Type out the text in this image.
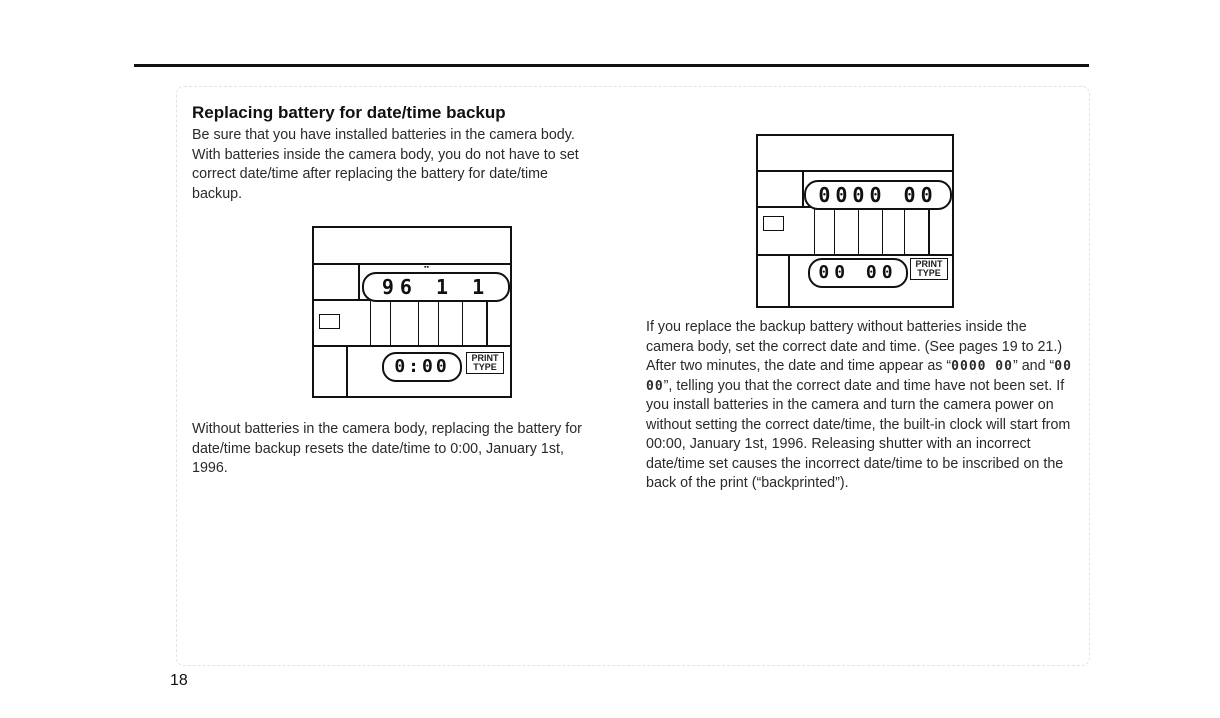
Replacing battery for date/time backup

Be sure that you have installed batteries in the camera body. With batteries inside the camera body, you do not have to set correct date/time after replacing the battery for date/time backup.

▪▪
96 1 1
0:00	PRINT
TYPE

Without batteries in the camera body, replacing the battery for date/time backup resets the date/time to 0:00, January 1st, 1996.

0000 00
00 00	PRINT
TYPE
If you replace the backup battery without batteries inside the camera body, set the correct date and time. (See pages 19 to 21.) After two minutes, the date and time appear as “0000 00” and “00 00”, telling you that the correct date and time have not been set. If you install batteries in the camera and turn the camera power on without setting the correct date/time, the built-in clock will start from 00:00, January 1st, 1996. Releasing shutter with an incorrect date/time set causes the incorrect date/time to be inscribed on the back of the print (“backprinted”).
18
